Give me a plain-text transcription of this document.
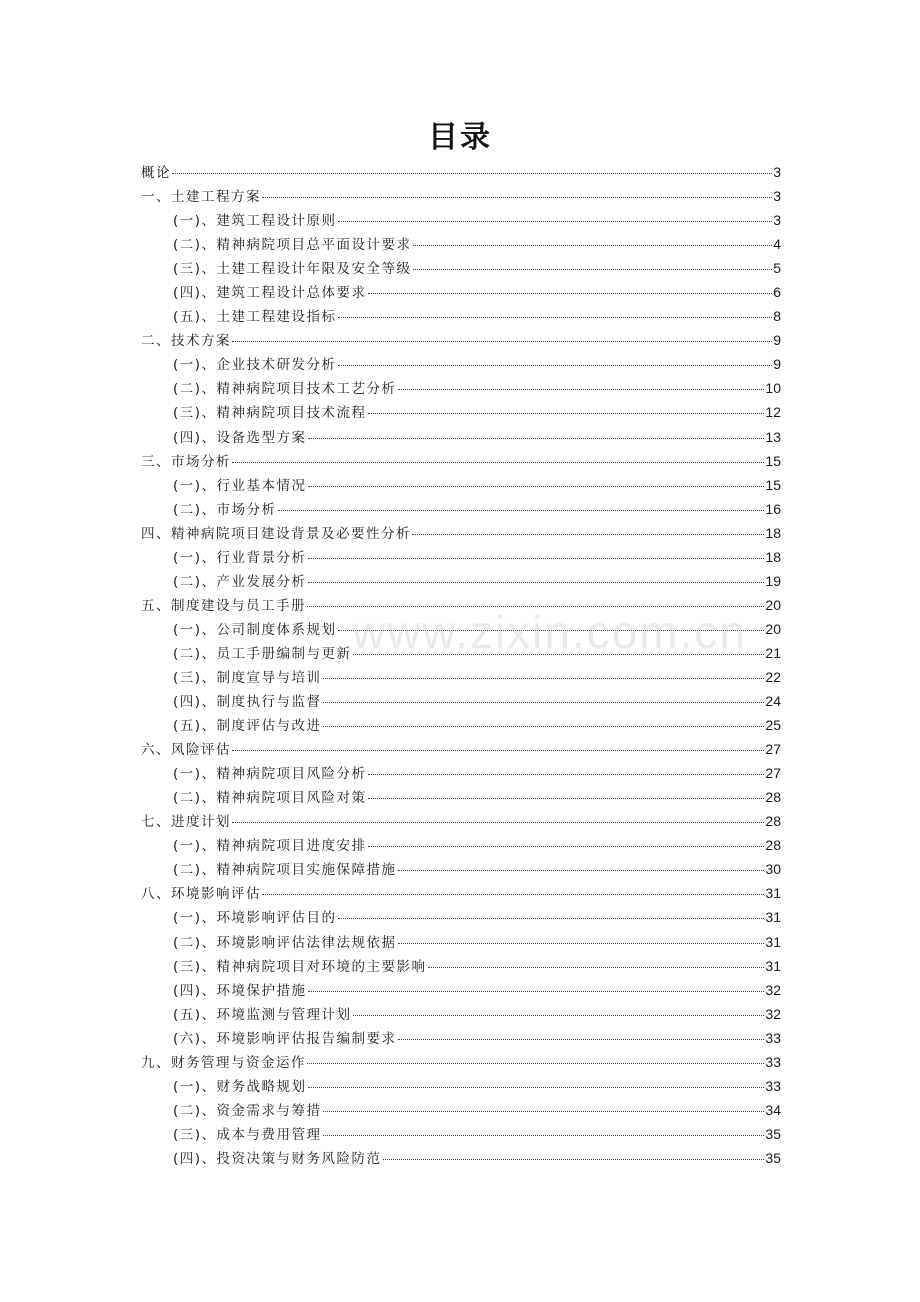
目录
概论	3
一、土建工程方案	3
(一)、建筑工程设计原则	3
(二)、精神病院项目总平面设计要求	4
(三)、土建工程设计年限及安全等级	5
(四)、建筑工程设计总体要求	6
(五)、土建工程建设指标	8
二、技术方案	9
(一)、企业技术研发分析	9
(二)、精神病院项目技术工艺分析	10
(三)、精神病院项目技术流程	12
(四)、设备选型方案	13
三、市场分析	15
(一)、行业基本情况	15
(二)、市场分析	16
四、精神病院项目建设背景及必要性分析	18
(一)、行业背景分析	18
(二)、产业发展分析	19
五、制度建设与员工手册	20
(一)、公司制度体系规划	20
(二)、员工手册编制与更新	21
(三)、制度宣导与培训	22
(四)、制度执行与监督	24
(五)、制度评估与改进	25
六、风险评估	27
(一)、精神病院项目风险分析	27
(二)、精神病院项目风险对策	28
七、进度计划	28
(一)、精神病院项目进度安排	28
(二)、精神病院项目实施保障措施	30
八、环境影响评估	31
(一)、环境影响评估目的	31
(二)、环境影响评估法律法规依据	31
(三)、精神病院项目对环境的主要影响	31
(四)、环境保护措施	32
(五)、环境监测与管理计划	32
(六)、环境影响评估报告编制要求	33
九、财务管理与资金运作	33
(一)、财务战略规划	33
(二)、资金需求与筹措	34
(三)、成本与费用管理	35
(四)、投资决策与财务风险防范	35
www.zixin.com.cn
